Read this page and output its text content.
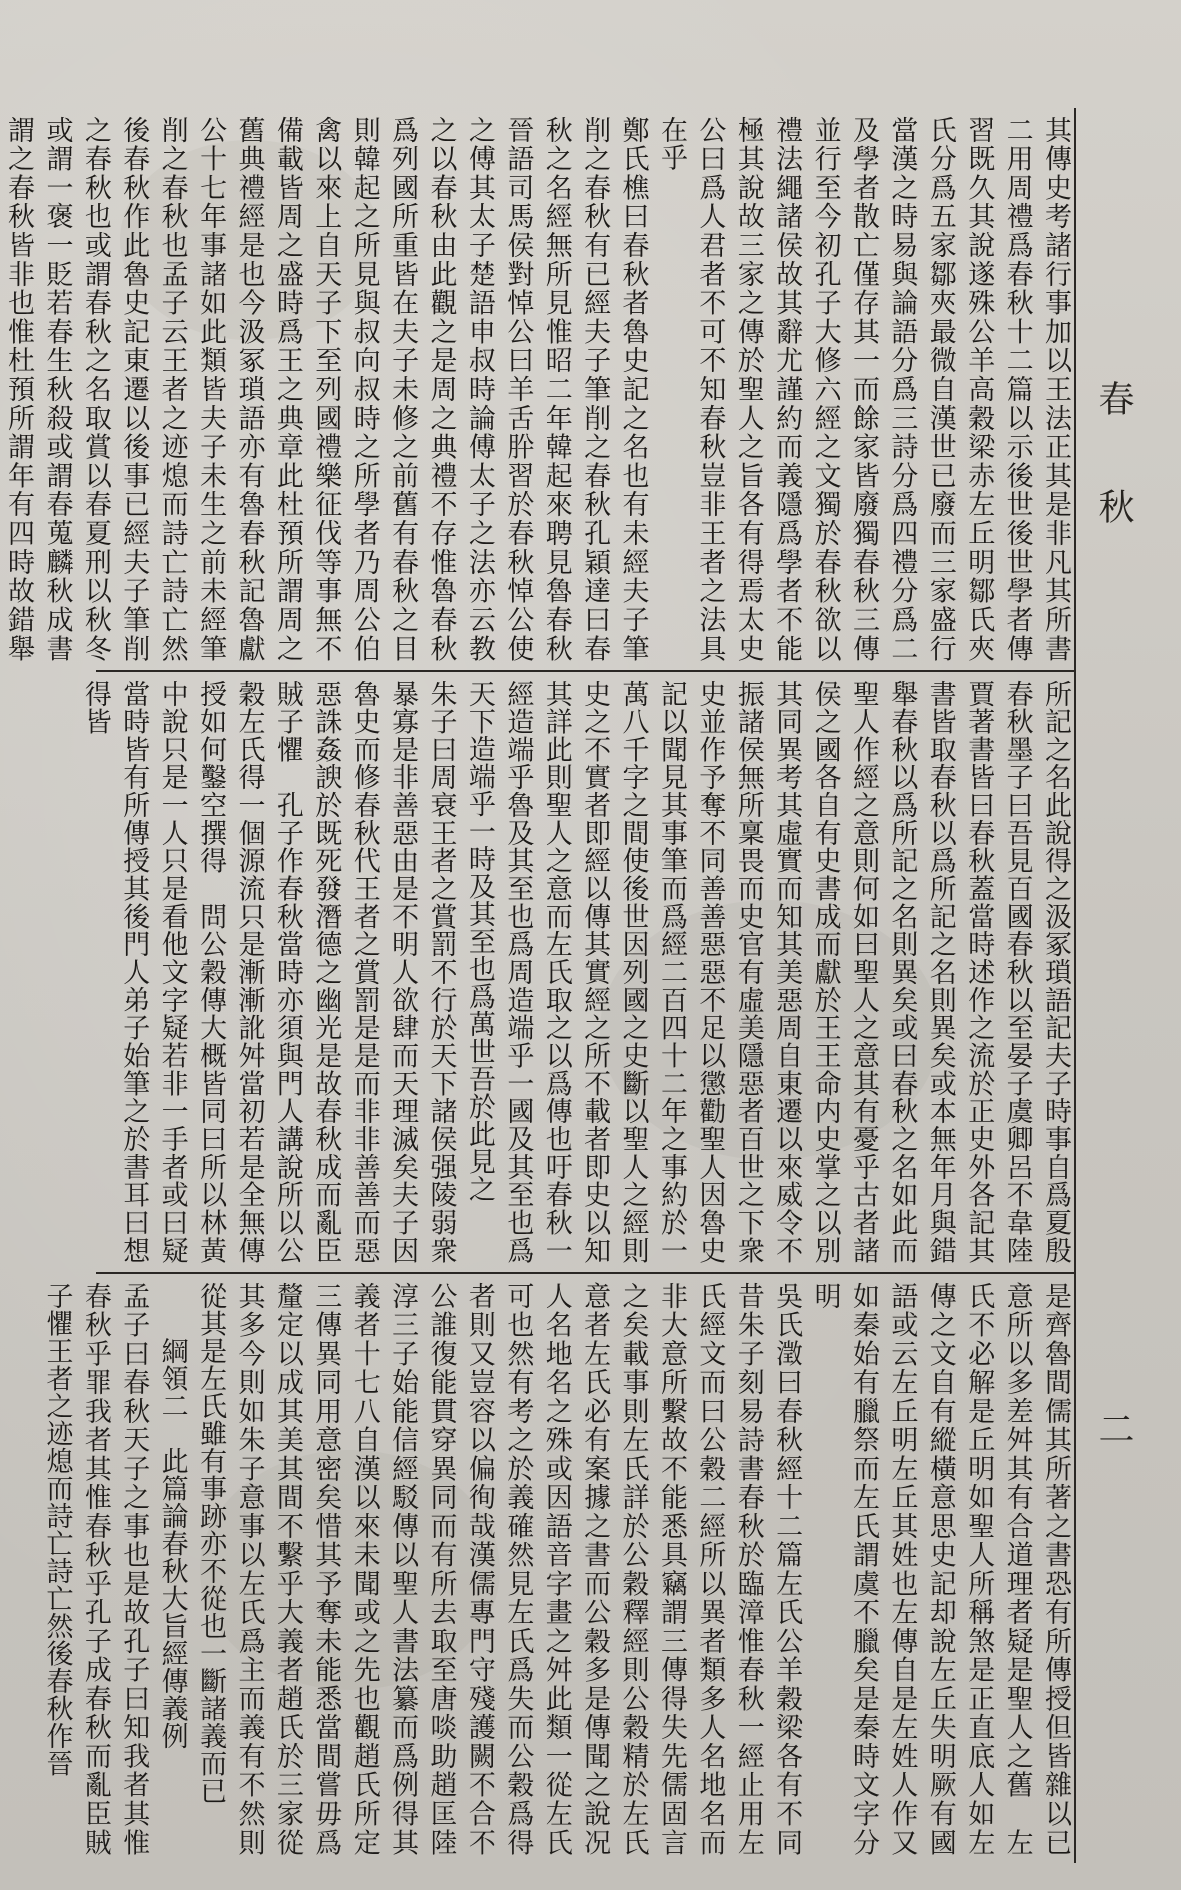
其傳史考諸行事加以王法正其是非凡其所書二用周禮爲春秋十二篇以示後世後世學者傳習既久其說遂殊公羊高穀梁赤左丘明鄒氏夾氏分爲五家鄒夾最微自漢世已廢而三家盛行當漢之時易與論語分爲三詩分爲四禮分爲二及學者散亡僅存其一而餘家皆廢獨春秋三傳並行至今初孔子大修六經之文獨於春秋欲以禮法繩諸侯故其辭尤謹約而義隱爲學者不能極其說故三家之傳於聖人之旨各有得焉太史公曰爲人君者不可不知春秋豈非王者之法具在乎
鄭氏樵曰春秋者魯史記之名也有未經夫子筆削之春秋有已經夫子筆削之春秋孔穎達曰春秋之名經無所見惟昭二年韓起來聘見魯春秋晉語司馬侯對悼公曰羊舌肸習於春秋悼公使之傅其太子楚語申叔時論傅太子之法亦云教之以春秋由此觀之是周之典禮不存惟魯春秋爲列國所重皆在夫子未修之前舊有春秋之目則韓起之所見與叔向叔時之所學者乃周公伯禽以來上自天子下至列國禮樂征伐等事無不備載皆周之盛時爲王之典章此杜預所謂周之舊典禮經是也今汲冢瑣語亦有魯春秋記魯獻公十七年事諸如此類皆夫子未生之前未經筆削之春秋也孟子云王者之迹熄而詩亡詩亡然後春秋作此魯史記東遷以後事已經夫子筆削之春秋也或謂春秋之名取賞以春夏刑以秋冬或謂一褒一貶若春生秋殺或謂春蒐麟秋成書謂之春秋皆非也惟杜預所謂年有四時故錯舉
所記之名此說得之汲冢瑣語記夫子時事自爲夏殷春秋墨子曰吾見百國春秋以至晏子虞卿呂不韋陸賈著書皆曰春秋蓋當時述作之流於正史外各記其書皆取春秋以爲所記之名則異矣或本無年月與錯舉春秋以爲所記之名則異矣或曰春秋之名如此而聖人作經之意則何如曰聖人之意其有憂乎古者諸侯之國各自有史書成而獻於王王命内史掌之以別其同異考其虛實而知其美惡周自東遷以來威令不振諸侯無所稟畏而史官有虛美隱惡者百世之下衆史並作予奪不同善善惡惡不足以懲勸聖人因魯史記以聞見其事筆而爲經二百四十二年之事約於一萬八千字之間使後世因列國之史斷以聖人之經則史之不實者即經以傳其實經之所不載者即史以知其詳此則聖人之意而左氏取之以爲傳也吁春秋一經造端乎魯及其至也爲周造端乎一國及其至也爲天下造端乎一時及其至也爲萬世吾於此見之
朱子曰周衰王者之賞罰不行於天下諸侯强陵弱衆暴寡是非善惡由是不明人欲肆而天理滅矣夫子因魯史而修春秋代王者之賞罰是是而非非善善而惡惡誅姦諛於既死發潛德之幽光是故春秋成而亂臣賊子懼　孔子作春秋當時亦須與門人講說所以公穀左氏得一個源流只是漸漸訛舛當初若是全無傳授如何鑿空撰得　問公穀傳大概皆同曰所以林黃中說只是一人只是看他文字疑若非一手者或曰疑當時皆有所傳授其後門人弟子始筆之於書耳曰想得皆
是齊魯間儒其所著之書恐有所傳授但皆雜以已意所以多差舛其有合道理者疑是聖人之舊　左氏不必解是丘明如聖人所稱煞是正直底人如左傳之文自有縱橫意思史記却說左丘失明厥有國語或云左丘明左丘其姓也左傳自是左姓人作又如秦始有臘祭而左氏謂虞不臘矣是秦時文字分明
吳氏澂曰春秋經十二篇左氏公羊穀梁各有不同昔朱子刻易詩書春秋於臨漳惟春秋一經止用左氏經文而曰公穀二經所以異者類多人名地名而非大意所繫故不能悉具竊謂三傳得失先儒固言之矣載事則左氏詳於公穀釋經則公穀精於左氏意者左氏必有案據之書而公穀多是傳聞之說况人名地名之殊或因語音字畫之舛此類一從左氏可也然有考之於義確然見左氏爲失而公穀爲得者則又豈容以偏徇哉漢儒專門守殘護闕不合不公誰復能貫穿異同而有所去取至唐啖助趙匡陸淳三子始能信經駁傳以聖人書法纂而爲例得其義者十七八自漢以來未聞或之先也觀趙氏所定三傳異同用意密矣惜其予奪未能悉當間嘗毋爲釐定以成其美其間不繫乎大義者趙氏於三家從其多今則如朱子意事以左氏爲主而義有不然則從其是左氏雖有事跡亦不從也一斷諸義而已
　　綱領二　此篇論春秋大旨經傳義例
孟子曰春秋天子之事也是故孔子曰知我者其惟春秋乎罪我者其惟春秋乎孔子成春秋而亂臣賊子懼王者之迹熄而詩亡詩亡然後春秋作晉
春　秋
二
